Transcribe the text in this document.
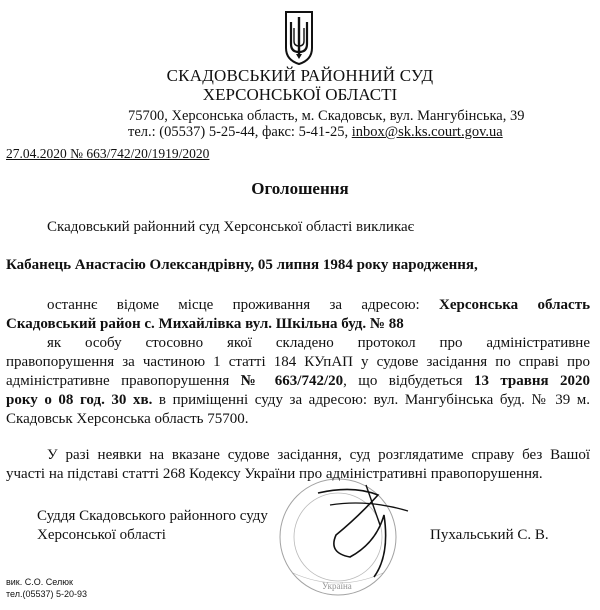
СКАДОВСЬКИЙ РАЙОННИЙ СУД
ХЕРСОНСЬКОЇ ОБЛАСТІ
75700, Херсонська область, м. Скадовськ, вул. Мангубінська, 39
тел.: (05537) 5-25-44, факс: 5-41-25, inbox@sk.ks.court.gov.ua
27.04.2020 № 663/742/20/1919/2020
Оголошення
Скадовський районний суд Херсонської області викликає
Кабанець Анастасію Олександрівну, 05 липня 1984 року народження,
останнє відоме місце проживання за адресою: Херсонська область
Скадовський район с. Михайлівка вул. Шкільна буд. № 88
як особу стосовно якої складено протокол про адміністративне
правопорушення за частиною 1 статті 184 КУпАП у судове засідання по справі про
адміністративне правопорушення № 663/742/20, що відбудеться 13 травня 2020
року о 08 год. 30 хв. в приміщенні суду за адресою: вул. Мангубінська буд. № 39 м.
Скадовськ Херсонська область 75700.
У разі неявки на вказане судове засідання, суд розглядатиме справу без Вашої
участі на підставі статті 268 Кодексу України про адміністративні правопорушення.
Суддя Скадовського районного суду
Херсонської області	Пухальський С. В.
Україна
вик. С.О. Селюк
тел.(05537) 5-20-93
